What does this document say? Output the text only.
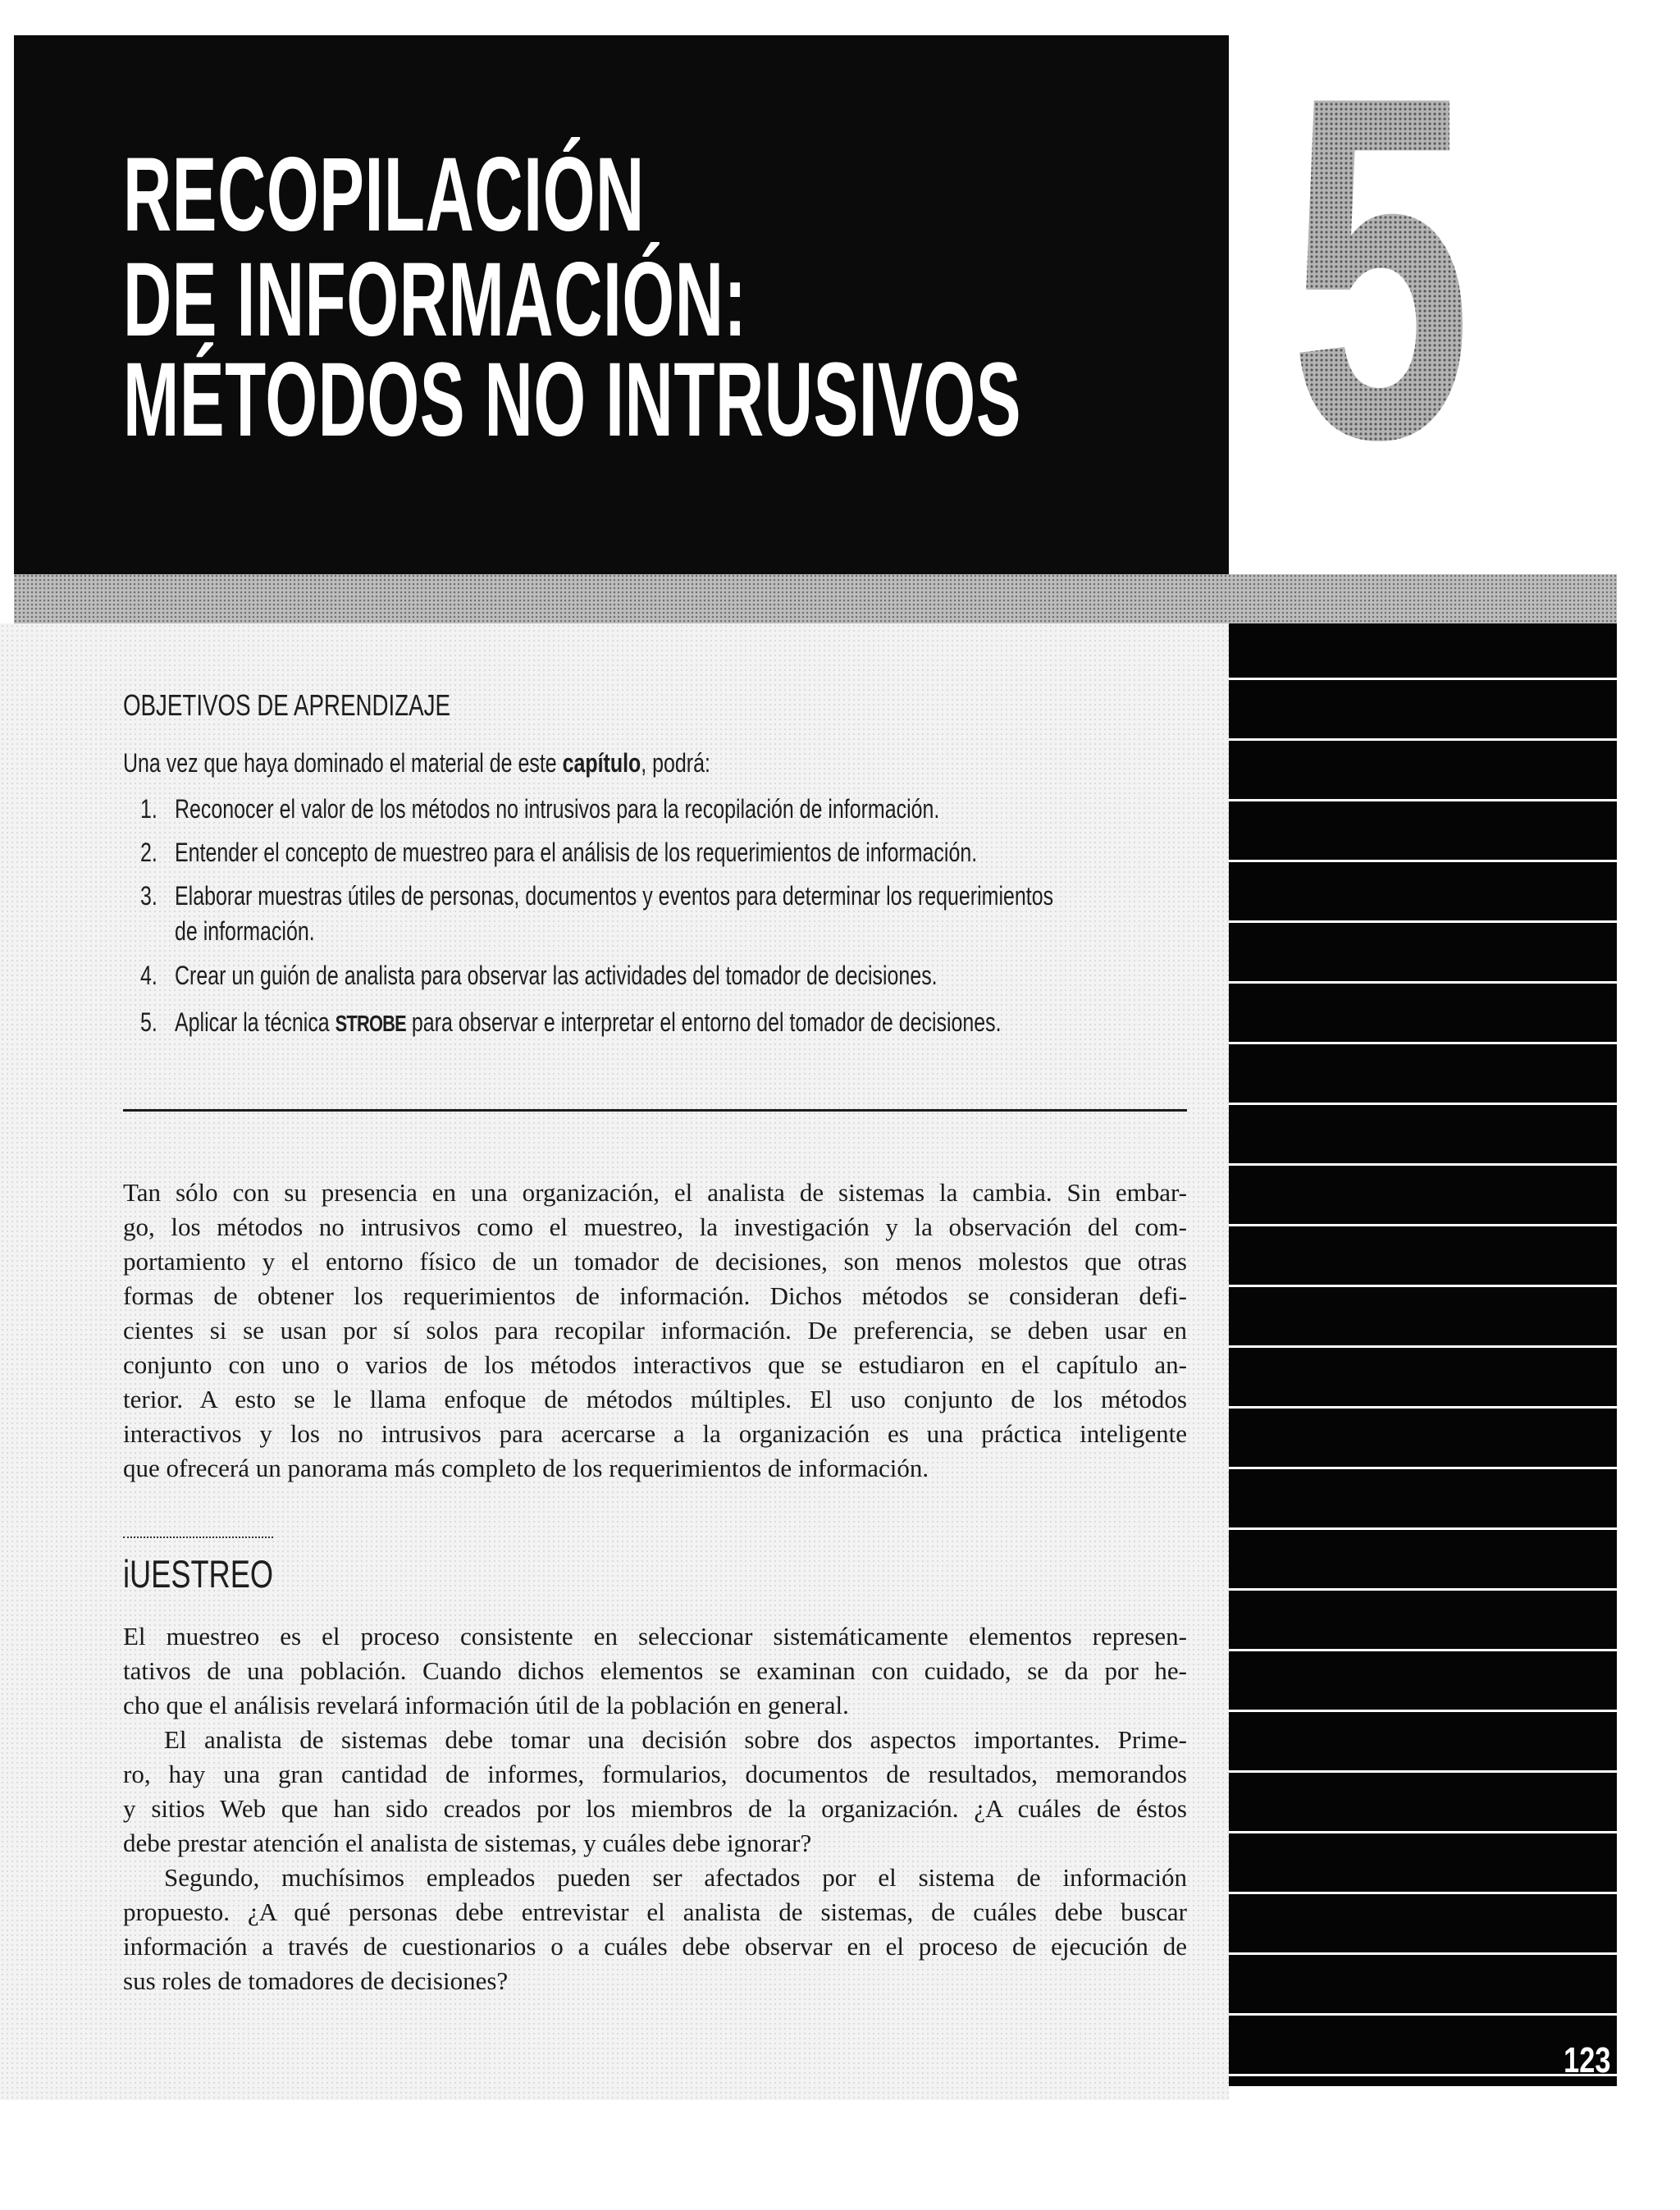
RECOPILACIÓN
DE INFORMACIÓN:
MÉTODOS NO INTRUSIVOS 5
123
OBJETIVOS DE APRENDIZAJE
Una vez que haya dominado el material de este capítulo, podrá:
1. Reconocer el valor de los métodos no intrusivos para la recopilación de información.
2. Entender el concepto de muestreo para el análisis de los requerimientos de información.
3. Elaborar muestras útiles de personas, documentos y eventos para determinar los requerimientos
de información.
4. Crear un guión de analista para observar las actividades del tomador de decisiones.
5. Aplicar la técnica STROBE para observar e interpretar el entorno del tomador de decisiones.
Tan sólo con su presencia en una organización, el analista de sistemas la cambia. Sin embar-
go, los métodos no intrusivos como el muestreo, la investigación y la observación del com-
portamiento y el entorno físico de un tomador de decisiones, son menos molestos que otras
formas de obtener los requerimientos de información. Dichos métodos se consideran defi-
cientes si se usan por sí solos para recopilar información. De preferencia, se deben usar en
conjunto con uno o varios de los métodos interactivos que se estudiaron en el capítulo an-
terior. A esto se le llama enfoque de métodos múltiples. El uso conjunto de los métodos
interactivos y los no intrusivos para acercarse a la organización es una práctica inteligente
que ofrecerá un panorama más completo de los requerimientos de información.
iUESTREO
El muestreo es el proceso consistente en seleccionar sistemáticamente elementos represen-
tativos de una población. Cuando dichos elementos se examinan con cuidado, se da por he-
cho que el análisis revelará información útil de la población en general.
El analista de sistemas debe tomar una decisión sobre dos aspectos importantes. Prime-
ro, hay una gran cantidad de informes, formularios, documentos de resultados, memorandos
y sitios Web que han sido creados por los miembros de la organización. ¿A cuáles de éstos
debe prestar atención el analista de sistemas, y cuáles debe ignorar?
Segundo, muchísimos empleados pueden ser afectados por el sistema de información
propuesto. ¿A qué personas debe entrevistar el analista de sistemas, de cuáles debe buscar
información a través de cuestionarios o a cuáles debe observar en el proceso de ejecución de
sus roles de tomadores de decisiones?
